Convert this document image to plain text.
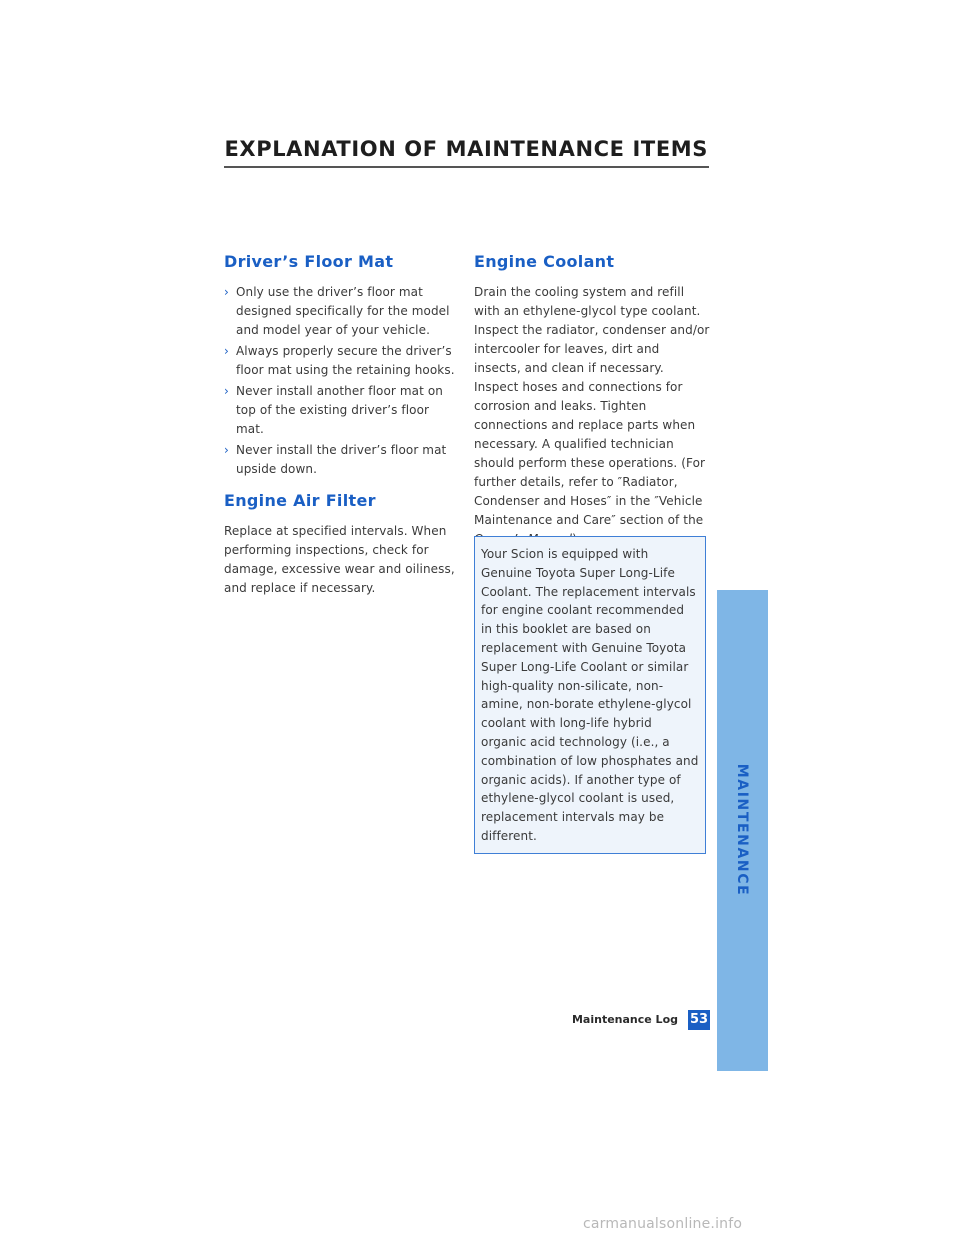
EXPLANATION OF MAINTENANCE ITEMS
Driver’s Floor Mat
› Only use the driver’s floor mat designed specifically for the model and model year of your vehicle.
› Always properly secure the driver’s floor mat using the retaining hooks.
› Never install another floor mat on top of the existing driver’s floor mat.
› Never install the driver’s floor mat upside down.
Engine Air Filter

Replace at specified intervals. When performing inspections, check for damage, excessive wear and oiliness, and replace if necessary.

Engine Coolant

Drain the cooling system and refill with an ethylene-glycol type coolant. Inspect the radiator, condenser and/or intercooler for leaves, dirt and insects, and clean if necessary. Inspect hoses and connections for corrosion and leaks. Tighten connections and replace parts when necessary. A qualified technician should perform these operations. (For further details, refer to ″Radiator, Condenser and Hoses″ in the ″Vehicle Maintenance and Care″ section of the

Your Scion is equipped with Genuine Toyota Super Long-Life Coolant. The replacement intervals for engine coolant recommended in this booklet are based on replacement with Genuine Toyota Super Long-Life Coolant or similar high-quality non-silicate, non-amine, non-borate ethylene-glycol coolant with long-life hybrid organic acid technology (i.e., a combination of low phosphates and organic acids). If another type of ethylene-glycol coolant is used, replacement intervals may be different.	MAINTENANCE
Maintenance Log 53
carmanualsonline.info
